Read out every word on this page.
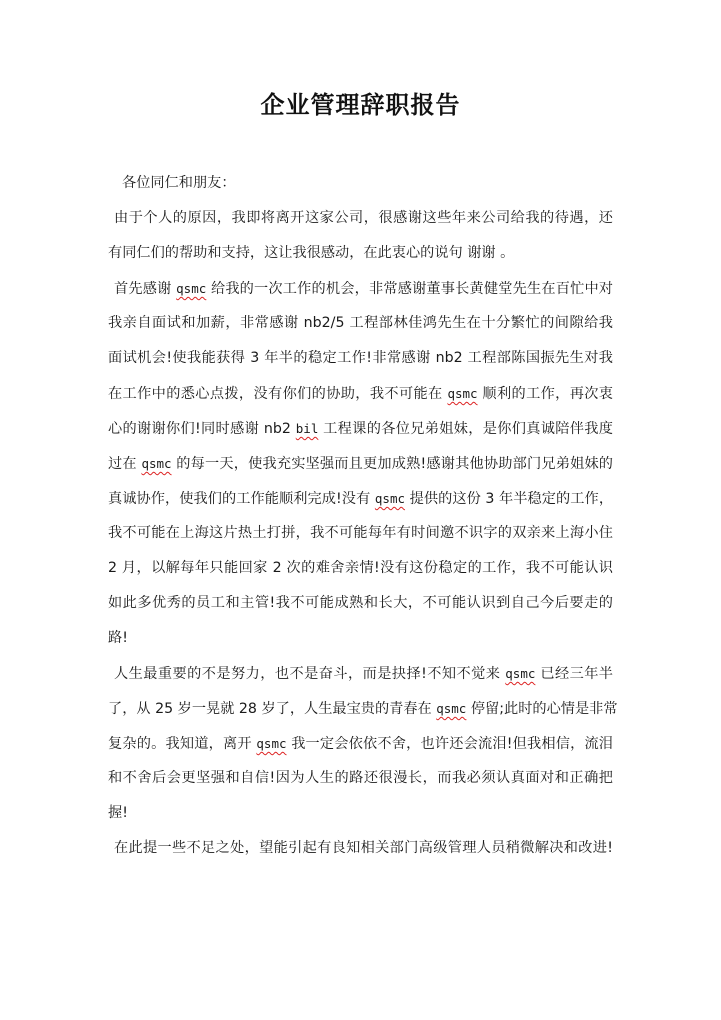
企业管理辞职报告
各位同仁和朋友：
由于个人的原因，我即将离开这家公司，很感谢这些年来公司给我的待遇，还
有同仁们的帮助和支持，这让我很感动，在此衷心的说句 谢谢 。
首先感谢 qsmc 给我的一次工作的机会，非常感谢董事长黄健堂先生在百忙中对
我亲自面试和加薪，非常感谢 nb2/5 工程部林佳鸿先生在十分繁忙的间隙给我
面试机会!使我能获得 3 年半的稳定工作!非常感谢 nb2 工程部陈国振先生对我
在工作中的悉心点拨，没有你们的协助，我不可能在 qsmc 顺利的工作，再次衷
心的谢谢你们!同时感谢 nb2 bil 工程课的各位兄弟姐妹，是你们真诚陪伴我度
过在 qsmc 的每一天，使我充实坚强而且更加成熟!感谢其他协助部门兄弟姐妹的
真诚协作，使我们的工作能顺利完成!没有 qsmc 提供的这份 3 年半稳定的工作，
我不可能在上海这片热土打拼，我不可能每年有时间邀不识字的双亲来上海小住
2 月，以解每年只能回家 2 次的难舍亲情!没有这份稳定的工作，我不可能认识
如此多优秀的员工和主管!我不可能成熟和长大，不可能认识到自己今后要走的
路!
人生最重要的不是努力，也不是奋斗，而是抉择!不知不觉来 qsmc 已经三年半
了，从 25 岁一晃就 28 岁了，人生最宝贵的青春在 qsmc 停留;此时的心情是非常
复杂的。我知道，离开 qsmc 我一定会依依不舍，也许还会流泪!但我相信，流泪
和不舍后会更坚强和自信!因为人生的路还很漫长，而我必须认真面对和正确把
握!
在此提一些不足之处，望能引起有良知相关部门高级管理人员稍微解决和改进!
